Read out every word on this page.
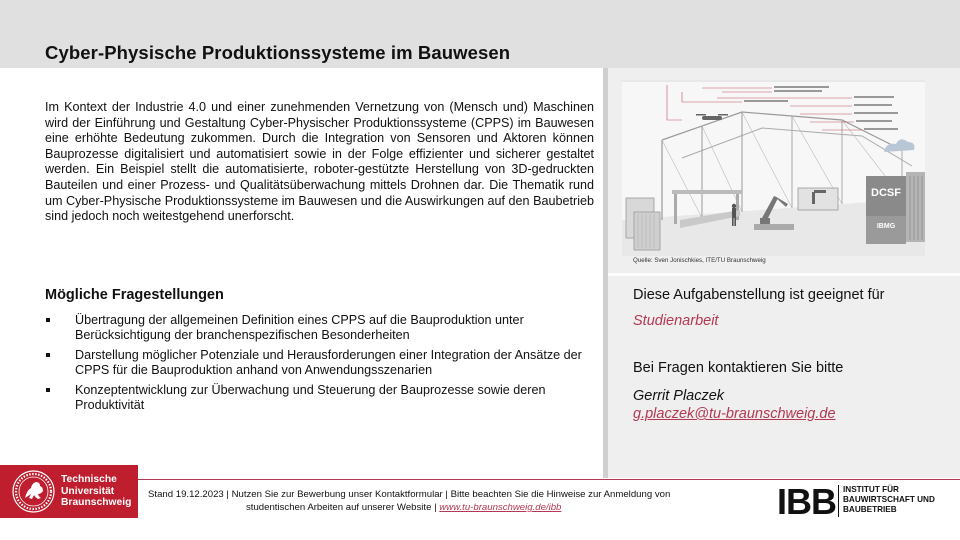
Cyber-Physische Produktionssysteme im Bauwesen

Im Kontext der Industrie 4.0 und einer zunehmenden Vernetzung von (Mensch und) Maschinen wird der Einführung und Gestaltung Cyber-Physischer Produktionssysteme (CPPS) im Bauwesen eine erhöhte Bedeutung zukommen. Durch die Integration von Sensoren und Aktoren können Bauprozesse digitalisiert und automatisiert sowie in der Folge effizienter und sicherer gestaltet werden. Ein Beispiel stellt die automatisierte, roboter-gestützte Herstellung von 3D-gedruckten Bauteilen und einer Prozess- und Qualitätsüberwachung mittels Drohnen dar. Die Thematik rund um Cyber-Physische Produktionssysteme im Bauwesen und die Auswirkungen auf den Baubetrieb sind jedoch noch weitestgehend unerforscht.

Mögliche Fragestellungen
Übertragung der allgemeinen Definition eines CPPS auf die Bauproduktion unter Berücksichtigung der branchenspezifischen Besonderheiten
Darstellung möglicher Potenziale und Herausforderungen einer Integration der Ansätze der CPPS für die Bauproduktion anhand von Anwendungsszenarien
Konzeptentwicklung zur Überwachung und Steuerung der Bauprozesse sowie deren Produktivität
DCSF
IBMG
Quelle: Sven Jonischkies, ITE/TU Braunschweig
Diese Aufgabenstellung ist geeignet für
Studienarbeit
Bei Fragen kontaktieren Sie bitte
Gerrit Placzek
g.placzek@tu-braunschweig.de
Technische
Universität
Braunschweig
Stand 19.12.2023 | Nutzen Sie zur Bewerbung unser Kontaktformular | Bitte beachten Sie die Hinweise zur Anmeldung von
studentischen Arbeiten auf unserer Website | www.tu-braunschweig.de/ibb	IBB INSTITUT FÜR
BAUWIRTSCHAFT UND
BAUBETRIEB
